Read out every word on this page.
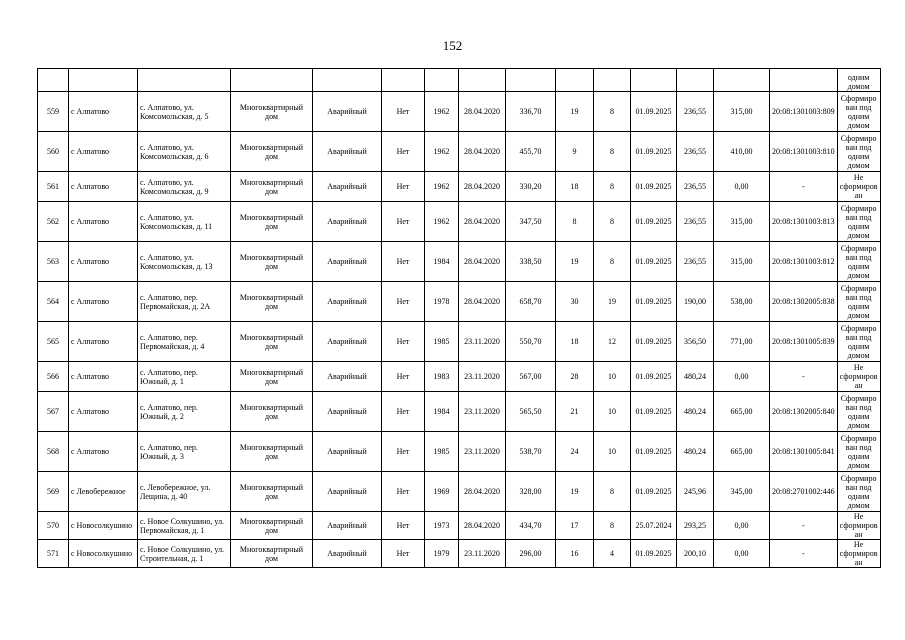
152

															одним
домом

559	с Алпатово	с. Алпатово, ул. Комсомольская, д. 5	Многоквартирный дом	Аварийный	Нет	1962	28.04.2020	336,70	19	8	01.09.2025	236,55	315,00	20:08:1301003:809	Сформиро
ван под
одним
домом

560	с Алпатово	с. Алпатово, ул. Комсомольская, д. 6	Многоквартирный дом	Аварийный	Нет	1962	28.04.2020	455,70	9	8	01.09.2025	236,55	410,00	20:08:1301003:810	Сформиро
ван под
одним
домом

561	с Алпатово	с. Алпатово, ул. Комсомольская, д. 9	Многоквартирный дом	Аварийный	Нет	1962	28.04.2020	330,20	18	8	01.09.2025	236,55	0,00	-	Не
сформиров
ан

562	с Алпатово	с. Алпатово, ул. Комсомольская, д. 11	Многоквартирный дом	Аварийный	Нет	1962	28.04.2020	347,50	8	8	01.09.2025	236,55	315,00	20:08:1301003:813	Сформиро
ван под
одним
домом

563	с Алпатово	с. Алпатово, ул. Комсомольская, д. 13	Многоквартирный дом	Аварийный	Нет	1984	28.04.2020	338,50	19	8	01.09.2025	236,55	315,00	20:08:1301003:812	Сформиро
ван под
одним
домом

564	с Алпатово	с. Алпатово, пер. Первомайская, д. 2А	Многоквартирный дом	Аварийный	Нет	1978	28.04.2020	658,70	30	19	01.09.2025	190,00	538,00	20:08:1302005:838	Сформиро
ван под
одним
домом

565	с Алпатово	с. Алпатово, пер. Первомайская, д. 4	Многоквартирный дом	Аварийный	Нет	1985	23.11.2020	550,70	18	12	01.09.2025	356,50	771,00	20:08:1301005:839	Сформиро
ван под
одним
домом

566	с Алпатово	с. Алпатово, пер. Южный, д. 1	Многоквартирный дом	Аварийный	Нет	1983	23.11.2020	567,00	28	10	01.09.2025	480,24	0,00	-	Не
сформиров
ан

567	с Алпатово	с. Алпатово, пер. Южный, д. 2	Многоквартирный дом	Аварийный	Нет	1984	23.11.2020	565,50	21	10	01.09.2025	480,24	665,00	20:08:1302005:840	Сформиро
ван под
одним
домом

568	с Алпатово	с. Алпатово, пер. Южный, д. 3	Многоквартирный дом	Аварийный	Нет	1985	23.11.2020	538,70	24	10	01.09.2025	480,24	665,00	20:08:1301005:841	Сформиро
ван под
одним
домом

569	с Левобережное	с. Левобережное, ул. Лещина, д. 40	Многоквартирный дом	Аварийный	Нет	1969	28.04.2020	328,00	19	8	01.09.2025	245,96	345,00	20:08:2701002:446	Сформиро
ван под
одним
домом

570	с Новосолкушино	с. Новое Солкушино, ул. Первомайская, д. 1	Многоквартирный дом	Аварийный	Нет	1973	28.04.2020	434,70	17	8	25.07.2024	293,25	0,00	-	Не
сформиров
ан

571	с Новосолкушино	с. Новое Солкушино, ул. Строительная, д. 1	Многоквартирный дом	Аварийный	Нет	1979	23.11.2020	296,00	16	4	01.09.2025	200,10	0,00	-	Не
сформиров
ан
